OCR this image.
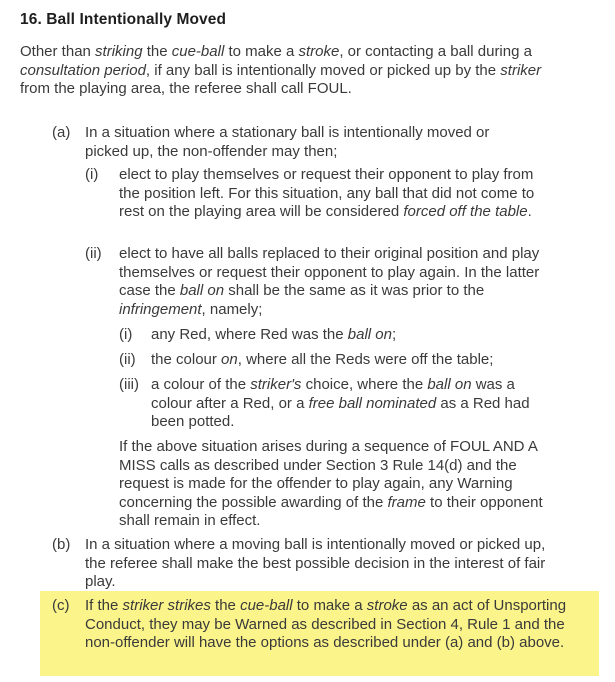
16. Ball Intentionally Moved
Other than striking the cue-ball to make a stroke, or contacting a ball during a consultation period, if any ball is intentionally moved or picked up by the striker from the playing area, the referee shall call FOUL.
(a) In a situation where a stationary ball is intentionally moved or picked up, the non-offender may then;
(i) elect to play themselves or request their opponent to play from the position left. For this situation, any ball that did not come to rest on the playing area will be considered forced off the table.
(ii) elect to have all balls replaced to their original position and play themselves or request their opponent to play again. In the latter case the ball on shall be the same as it was prior to the infringement, namely;
(i) any Red, where Red was the ball on;
(ii) the colour on, where all the Reds were off the table;
(iii) a colour of the striker's choice, where the ball on was a colour after a Red, or a free ball nominated as a Red had been potted.
If the above situation arises during a sequence of FOUL AND A MISS calls as described under Section 3 Rule 14(d) and the request is made for the offender to play again, any Warning concerning the possible awarding of the frame to their opponent shall remain in effect.
(b) In a situation where a moving ball is intentionally moved or picked up, the referee shall make the best possible decision in the interest of fair play.
(c) If the striker strikes the cue-ball to make a stroke as an act of Unsporting Conduct, they may be Warned as described in Section 4, Rule 1 and the non-offender will have the options as described under (a) and (b) above.
